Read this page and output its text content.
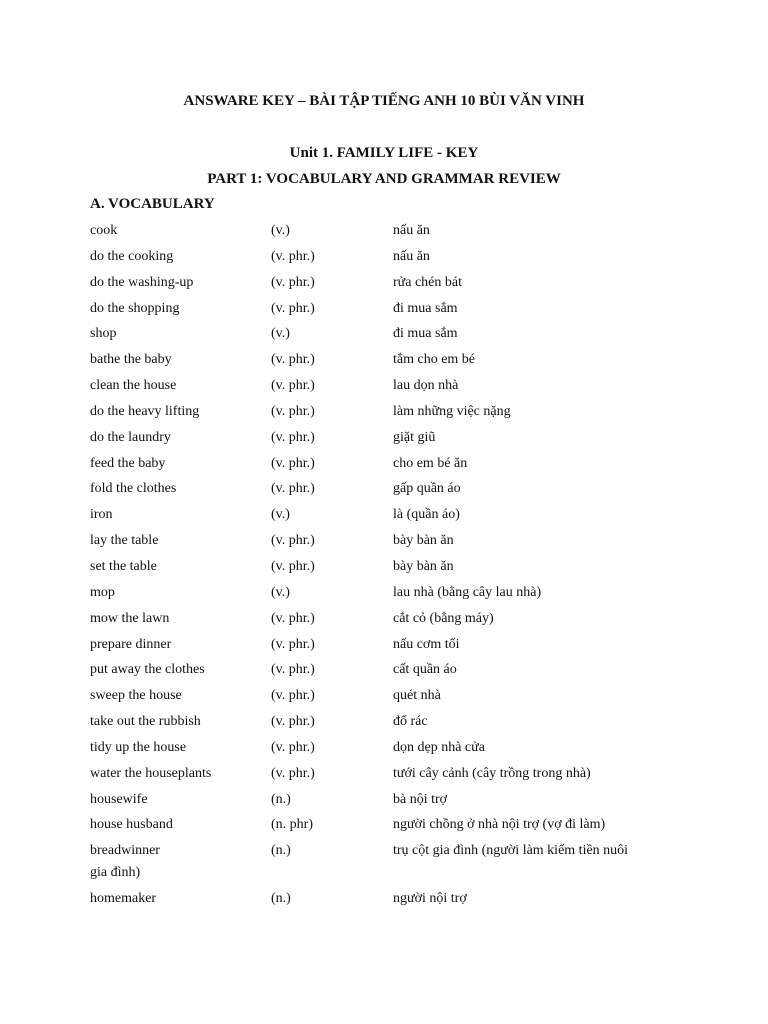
ANSWARE KEY – BÀI TẬP TIẾNG ANH 10 BÙI VĂN VINH
Unit 1. FAMILY LIFE - KEY
PART 1: VOCABULARY AND GRAMMAR REVIEW
A. VOCABULARY
cook	(v.)	nấu ăn
do the cooking	(v. phr.)	nấu ăn
do the washing-up	(v. phr.)	rửa chén bát
do the shopping	(v. phr.)	đi mua sắm
shop	(v.)	đi mua sắm
bathe the baby	(v. phr.)	tắm cho em bé
clean the house	(v. phr.)	lau dọn nhà
do the heavy lifting	(v. phr.)	làm những việc nặng
do the laundry	(v. phr.)	giặt giũ
feed the baby	(v. phr.)	cho em bé ăn
fold the clothes	(v. phr.)	gấp quần áo
iron	(v.)	là (quần áo)
lay the table	(v. phr.)	bày bàn ăn
set the table	(v. phr.)	bày bàn ăn
mop	(v.)	lau nhà (bằng cây lau nhà)
mow the lawn	(v. phr.)	cắt cỏ (bằng máy)
prepare dinner	(v. phr.)	nấu cơm tối
put away the clothes	(v. phr.)	cất quần áo
sweep the house	(v. phr.)	quét nhà
take out the rubbish	(v. phr.)	đổ rác
tidy up the house	(v. phr.)	dọn dẹp nhà cửa
water the houseplants	(v. phr.)	tưới cây cảnh (cây trồng trong nhà)
housewife	(n.)	bà nội trợ
house husband	(n. phr)	người chồng ở nhà nội trợ (vợ đi làm)
breadwinner	(n.)	trụ cột gia đình (người làm kiếm tiền nuôi
gia đình)
homemaker	(n.)	người nội trợ
